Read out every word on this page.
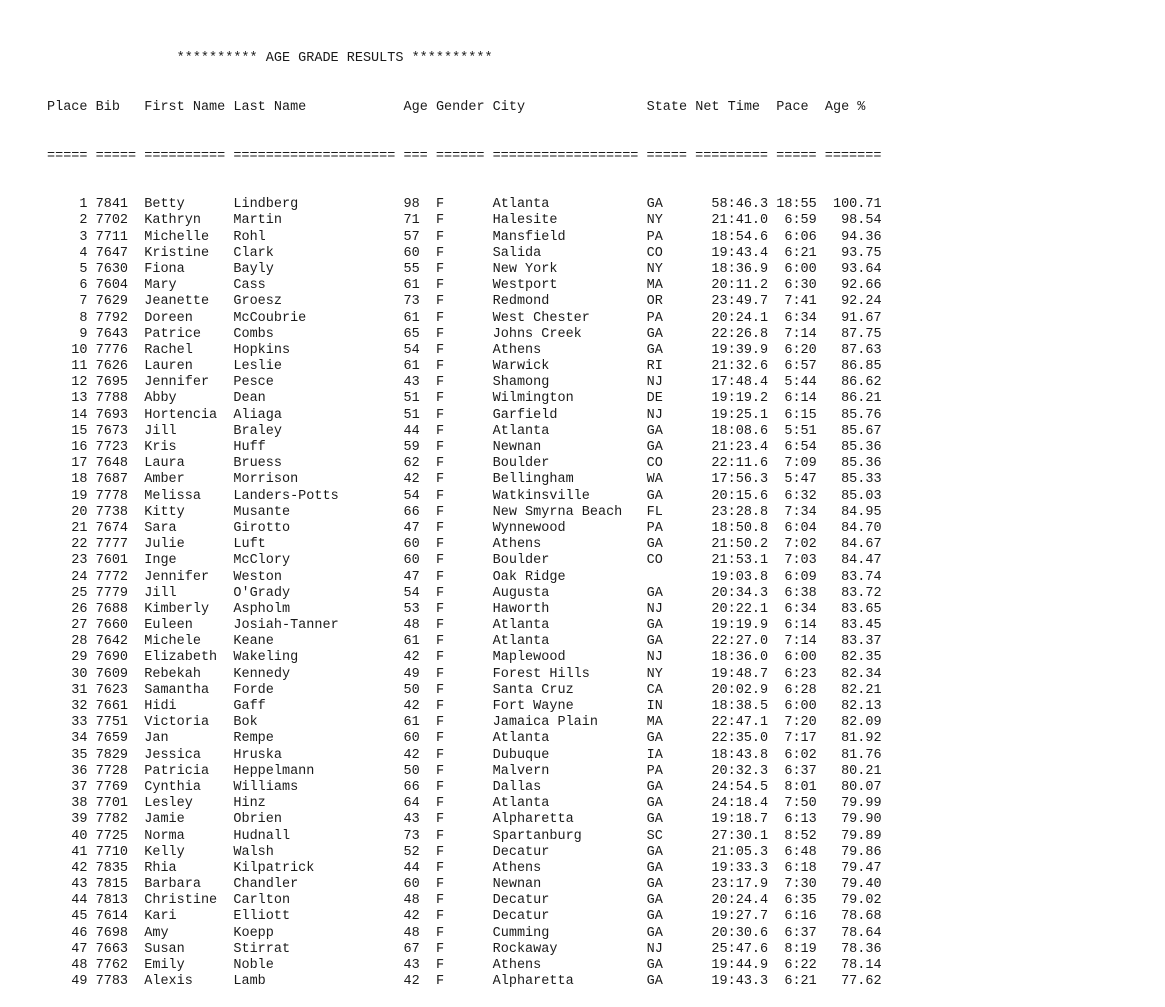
********** AGE GRADE RESULTS **********

Place Bib   First Name Last Name            Age Gender City               State Net Time  Pace  Age %

===== ===== ========== ==================== === ====== ================== ===== ========= ===== =======

1 7841  Betty      Lindberg             98  F      Atlanta            GA      58:46.3 18:55  100.71
2 7702  Kathryn    Martin               71  F      Halesite           NY      21:41.0  6:59   98.54
3 7711  Michelle   Rohl                 57  F      Mansfield          PA      18:54.6  6:06   94.36
4 7647  Kristine   Clark                60  F      Salida             CO      19:43.4  6:21   93.75
5 7630  Fiona      Bayly                55  F      New York           NY      18:36.9  6:00   93.64
6 7604  Mary       Cass                 61  F      Westport           MA      20:11.2  6:30   92.66
7 7629  Jeanette   Groesz               73  F      Redmond            OR      23:49.7  7:41   92.24
8 7792  Doreen     McCoubrie            61  F      West Chester       PA      20:24.1  6:34   91.67
9 7643  Patrice    Combs                65  F      Johns Creek        GA      22:26.8  7:14   87.75
10 7776  Rachel     Hopkins              54  F      Athens             GA      19:39.9  6:20   87.63
11 7626  Lauren     Leslie               61  F      Warwick            RI      21:32.6  6:57   86.85
12 7695  Jennifer   Pesce                43  F      Shamong            NJ      17:48.4  5:44   86.62
13 7788  Abby       Dean                 51  F      Wilmington         DE      19:19.2  6:14   86.21
14 7693  Hortencia  Aliaga               51  F      Garfield           NJ      19:25.1  6:15   85.76
15 7673  Jill       Braley               44  F      Atlanta            GA      18:08.6  5:51   85.67
16 7723  Kris       Huff                 59  F      Newnan             GA      21:23.4  6:54   85.36
17 7648  Laura      Bruess               62  F      Boulder            CO      22:11.6  7:09   85.36
18 7687  Amber      Morrison             42  F      Bellingham         WA      17:56.3  5:47   85.33
19 7778  Melissa    Landers-Potts        54  F      Watkinsville       GA      20:15.6  6:32   85.03
20 7738  Kitty      Musante              66  F      New Smyrna Beach   FL      23:28.8  7:34   84.95
21 7674  Sara       Girotto              47  F      Wynnewood          PA      18:50.8  6:04   84.70
22 7777  Julie      Luft                 60  F      Athens             GA      21:50.2  7:02   84.67
23 7601  Inge       McClory              60  F      Boulder            CO      21:53.1  7:03   84.47
24 7772  Jennifer   Weston               47  F      Oak Ridge	19:03.8  6:09   83.74
25 7779  Jill       O'Grady              54  F      Augusta            GA      20:34.3  6:38   83.72
26 7688  Kimberly   Aspholm              53  F      Haworth            NJ      20:22.1  6:34   83.65
27 7660  Euleen     Josiah-Tanner        48  F      Atlanta            GA      19:19.9  6:14   83.45
28 7642  Michele    Keane                61  F      Atlanta            GA      22:27.0  7:14   83.37
29 7690  Elizabeth  Wakeling             42  F      Maplewood          NJ      18:36.0  6:00   82.35
30 7609  Rebekah    Kennedy              49  F      Forest Hills       NY      19:48.7  6:23   82.34
31 7623  Samantha   Forde                50  F      Santa Cruz         CA      20:02.9  6:28   82.21
32 7661  Hidi       Gaff                 42  F      Fort Wayne         IN      18:38.5  6:00   82.13
33 7751  Victoria   Bok                  61  F      Jamaica Plain      MA      22:47.1  7:20   82.09
34 7659  Jan        Rempe                60  F      Atlanta            GA      22:35.0  7:17   81.92
35 7829  Jessica    Hruska               42  F      Dubuque            IA      18:43.8  6:02   81.76
36 7728  Patricia   Heppelmann           50  F      Malvern            PA      20:32.3  6:37   80.21
37 7769  Cynthia    Williams             66  F      Dallas             GA      24:54.5  8:01   80.07
38 7701  Lesley     Hinz                 64  F      Atlanta            GA      24:18.4  7:50   79.99
39 7782  Jamie      Obrien               43  F      Alpharetta         GA      19:18.7  6:13   79.90
40 7725  Norma      Hudnall              73  F      Spartanburg        SC      27:30.1  8:52   79.89
41 7710  Kelly      Walsh                52  F      Decatur            GA      21:05.3  6:48   79.86
42 7835  Rhia       Kilpatrick           44  F      Athens             GA      19:33.3  6:18   79.47
43 7815  Barbara    Chandler             60  F      Newnan             GA      23:17.9  7:30   79.40
44 7813  Christine  Carlton              48  F      Decatur            GA      20:24.4  6:35   79.02
45 7614  Kari       Elliott              42  F      Decatur            GA      19:27.7  6:16   78.68
46 7698  Amy        Koepp                48  F      Cumming            GA      20:30.6  6:37   78.64
47 7663  Susan      Stirrat              67  F      Rockaway           NJ      25:47.6  8:19   78.36
48 7762  Emily      Noble                43  F      Athens             GA      19:44.9  6:22   78.14
49 7783  Alexis     Lamb                 42  F      Alpharetta         GA      19:43.3  6:21   77.62
